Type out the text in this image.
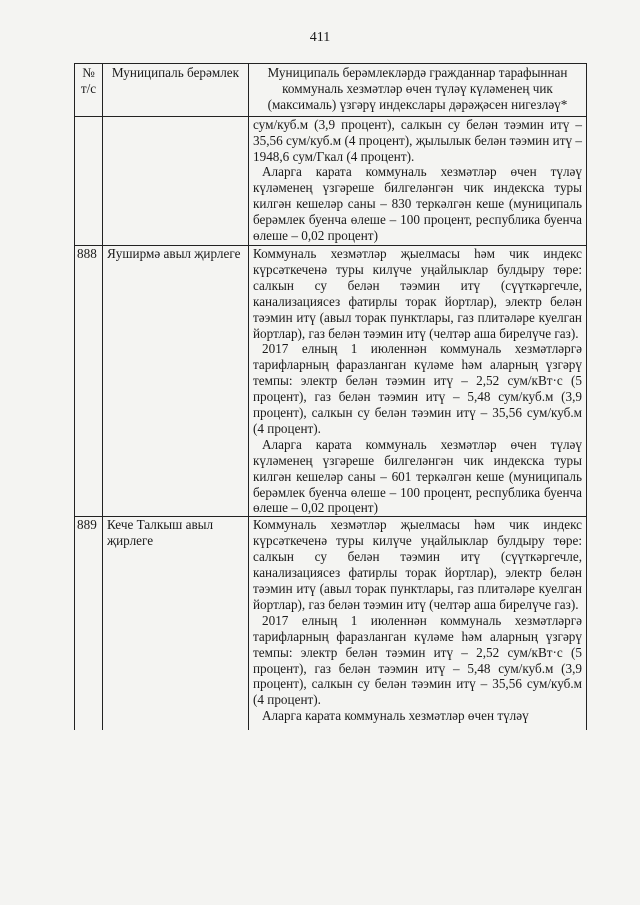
411
№ т/с	Муниципаль берәмлек	Муниципаль берәмлекләрдә гражданнар тарафыннан коммуналь хезмәтләр өчен түләү күләменең чик (максималь) үзгәрү индекслары дәрәҗәсен нигезләү*

		сум/куб.м (3,9 процент), салкын су белән тәэмин итү – 35,56 сум/куб.м (4 процент), җылылык белән тәэмин итү – 1948,6 сум/Гкал (4 процент).

Аларга карата коммуналь хезмәтләр өчен түләү күләменең үзгәреше билгеләнгән чик индекска туры килгән кешеләр саны – 830 теркәлгән кеше (муниципаль берәмлек буенча өлеше – 100 процент, республика буенча өлеше – 0,02 процент)

888	Яуширмә авыл җирлеге	Коммуналь хезмәтләр җыелмасы һәм чик индекс күрсәткеченә туры килүче уңайлыклар булдыру төре: салкын су белән тәэмин итү (сүүткәргечле, канализациясез фатирлы торак йортлар), электр белән тәэмин итү (авыл торак пунктлары, газ плитәләре куелган йортлар), газ белән тәэмин итү (челтәр аша бирелүче газ).

2017 елның 1 июленнән коммуналь хезмәтләргә тарифларның фаразланган күләме һәм аларның үзгәрү темпы: электр белән тәэмин итү – 2,52 сум/кВт·с (5 процент), газ белән тәэмин итү – 5,48 сум/куб.м (3,9 процент), салкын су белән тәэмин итү – 35,56 сум/куб.м (4 процент).

Аларга карата коммуналь хезмәтләр өчен түләү күләменең үзгәреше билгеләнгән чик индекска туры килгән кешеләр саны – 601 теркәлгән кеше (муниципаль берәмлек буенча өлеше – 100 процент, республика буенча өлеше – 0,02 процент)

889	Кече Талкыш авыл җирлеге	Коммуналь хезмәтләр җыелмасы һәм чик индекс күрсәткеченә туры килүче уңайлыклар булдыру төре: салкын су белән тәэмин итү (сүүткәргечле, канализациясез фатирлы торак йортлар), электр белән тәэмин итү (авыл торак пунктлары, газ плитәләре куелган йортлар), газ белән тәэмин итү (челтәр аша бирелүче газ).

2017 елның 1 июленнән коммуналь хезмәтләргә тарифларның фаразланган күләме һәм аларның үзгәрү темпы: электр белән тәэмин итү – 2,52 сум/кВт·с (5 процент), газ белән тәэмин итү – 5,48 сум/куб.м (3,9 процент), салкын су белән тәэмин итү – 35,56 сум/куб.м (4 процент).

Аларга карата коммуналь хезмәтләр өчен түләү
